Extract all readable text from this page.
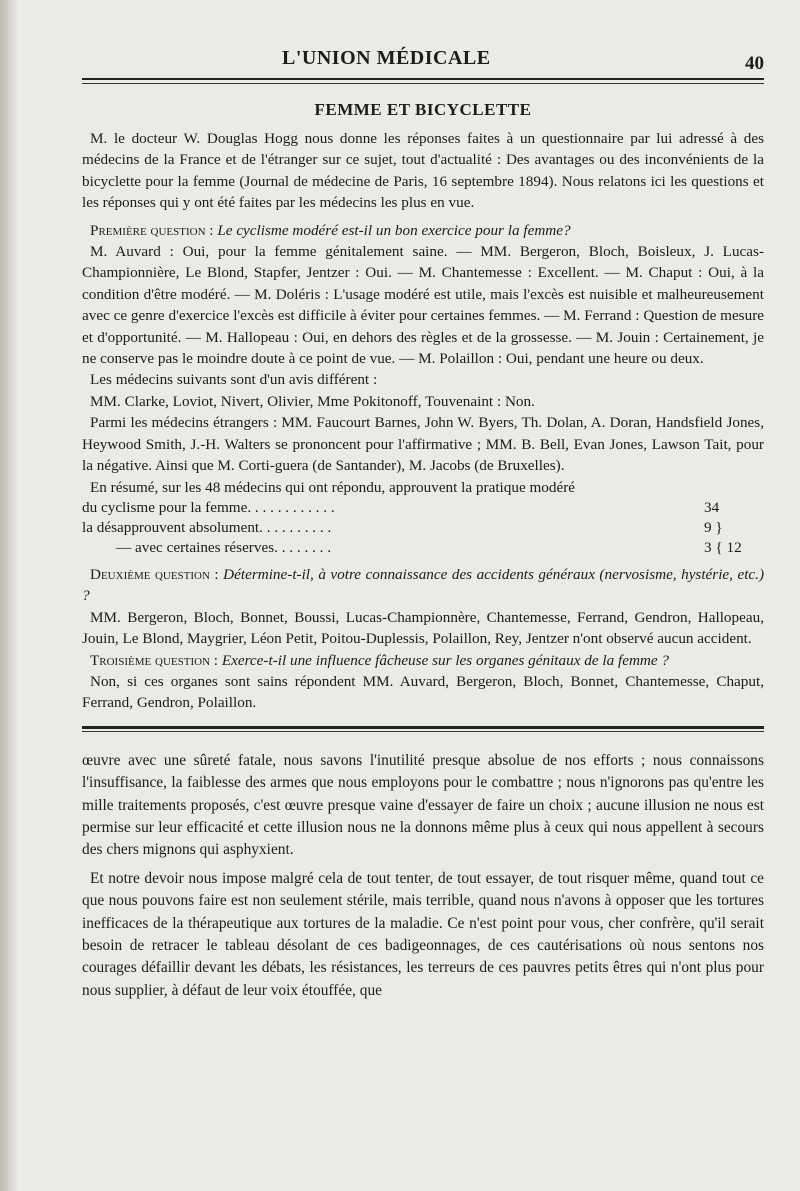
L'UNION MÉDICALE	40
FEMME ET BICYCLETTE

M. le docteur W. Douglas Hogg nous donne les réponses faites à un questionnaire par lui adressé à des médecins de la France et de l'étranger sur ce sujet, tout d'actualité : Des avantages ou des inconvénients de la bicyclette pour la femme (Journal de médecine de Paris, 16 septembre 1894). Nous relatons ici les questions et les réponses qui y ont été faites par les médecins les plus en vue.

Première question : Le cyclisme modéré est-il un bon exercice pour la femme?

M. Auvard : Oui, pour la femme génitalement saine. — MM. Bergeron, Bloch, Boisleux, J. Lucas-Championnière, Le Blond, Stapfer, Jentzer : Oui. — M. Chantemesse : Excellent. — M. Chaput : Oui, à la condition d'être modéré. — M. Doléris : L'usage modéré est utile, mais l'excès est nuisible et malheureusement avec ce genre d'exercice l'excès est difficile à éviter pour certaines femmes. — M. Ferrand : Question de mesure et d'opportunité. — M. Hallopeau : Oui, en dehors des règles et de la grossesse. — M. Jouin : Certainement, je ne conserve pas le moindre doute à ce point de vue. — M. Polaillon : Oui, pendant une heure ou deux.

Les médecins suivants sont d'un avis différent :

MM. Clarke, Loviot, Nivert, Olivier, Mme Pokitonoff, Touvenaint : Non.

Parmi les médecins étrangers : MM. Faucourt Barnes, John W. Byers, Th. Dolan, A. Doran, Handsfield Jones, Heywood Smith, J.-H. Walters se prononcent pour l'affirmative ; MM. B. Bell, Evan Jones, Lawson Tait, pour la négative. Ainsi que M. Corti-guera (de Santander), M. Jacobs (de Bruxelles).

En résumé, sur les 48 médecins qui ont répondu, approuvent la pratique modéré

du cyclisme pour la femme. . . . . . . . . . . .	34
la désapprouvent absolument. . . . . . . . . .	9 }
— avec certaines réserves. . . . . . . .	3 { 12

Deuxième question : Détermine-t-il, à votre connaissance des accidents généraux (nervosisme, hystérie, etc.) ?

MM. Bergeron, Bloch, Bonnet, Boussi, Lucas-Championnère, Chantemesse, Ferrand, Gendron, Hallopeau, Jouin, Le Blond, Maygrier, Léon Petit, Poitou-Duplessis, Polaillon, Rey, Jentzer n'ont observé aucun accident.

Troisième question : Exerce-t-il une influence fâcheuse sur les organes génitaux de la femme ?

Non, si ces organes sont sains répondent MM. Auvard, Bergeron, Bloch, Bonnet, Chantemesse, Chaput, Ferrand, Gendron, Polaillon.

œuvre avec une sûreté fatale, nous savons l'inutilité presque absolue de nos efforts ; nous connaissons l'insuffisance, la faiblesse des armes que nous employons pour le combattre ; nous n'ignorons pas qu'entre les mille traitements proposés, c'est œuvre presque vaine d'essayer de faire un choix ; aucune illusion ne nous est permise sur leur efficacité et cette illusion nous ne la donnons même plus à ceux qui nous appellent à secours des chers mignons qui asphyxient.

Et notre devoir nous impose malgré cela de tout tenter, de tout essayer, de tout risquer même, quand tout ce que nous pouvons faire est non seulement stérile, mais terrible, quand nous n'avons à opposer que les tortures inefficaces de la thérapeutique aux tortures de la maladie. Ce n'est point pour vous, cher confrère, qu'il serait besoin de retracer le tableau désolant de ces badigeonnages, de ces cautérisations où nous sentons nos courages défaillir devant les débats, les résistances, les terreurs de ces pauvres petits êtres qui n'ont plus pour nous supplier, à défaut de leur voix étouffée, que
